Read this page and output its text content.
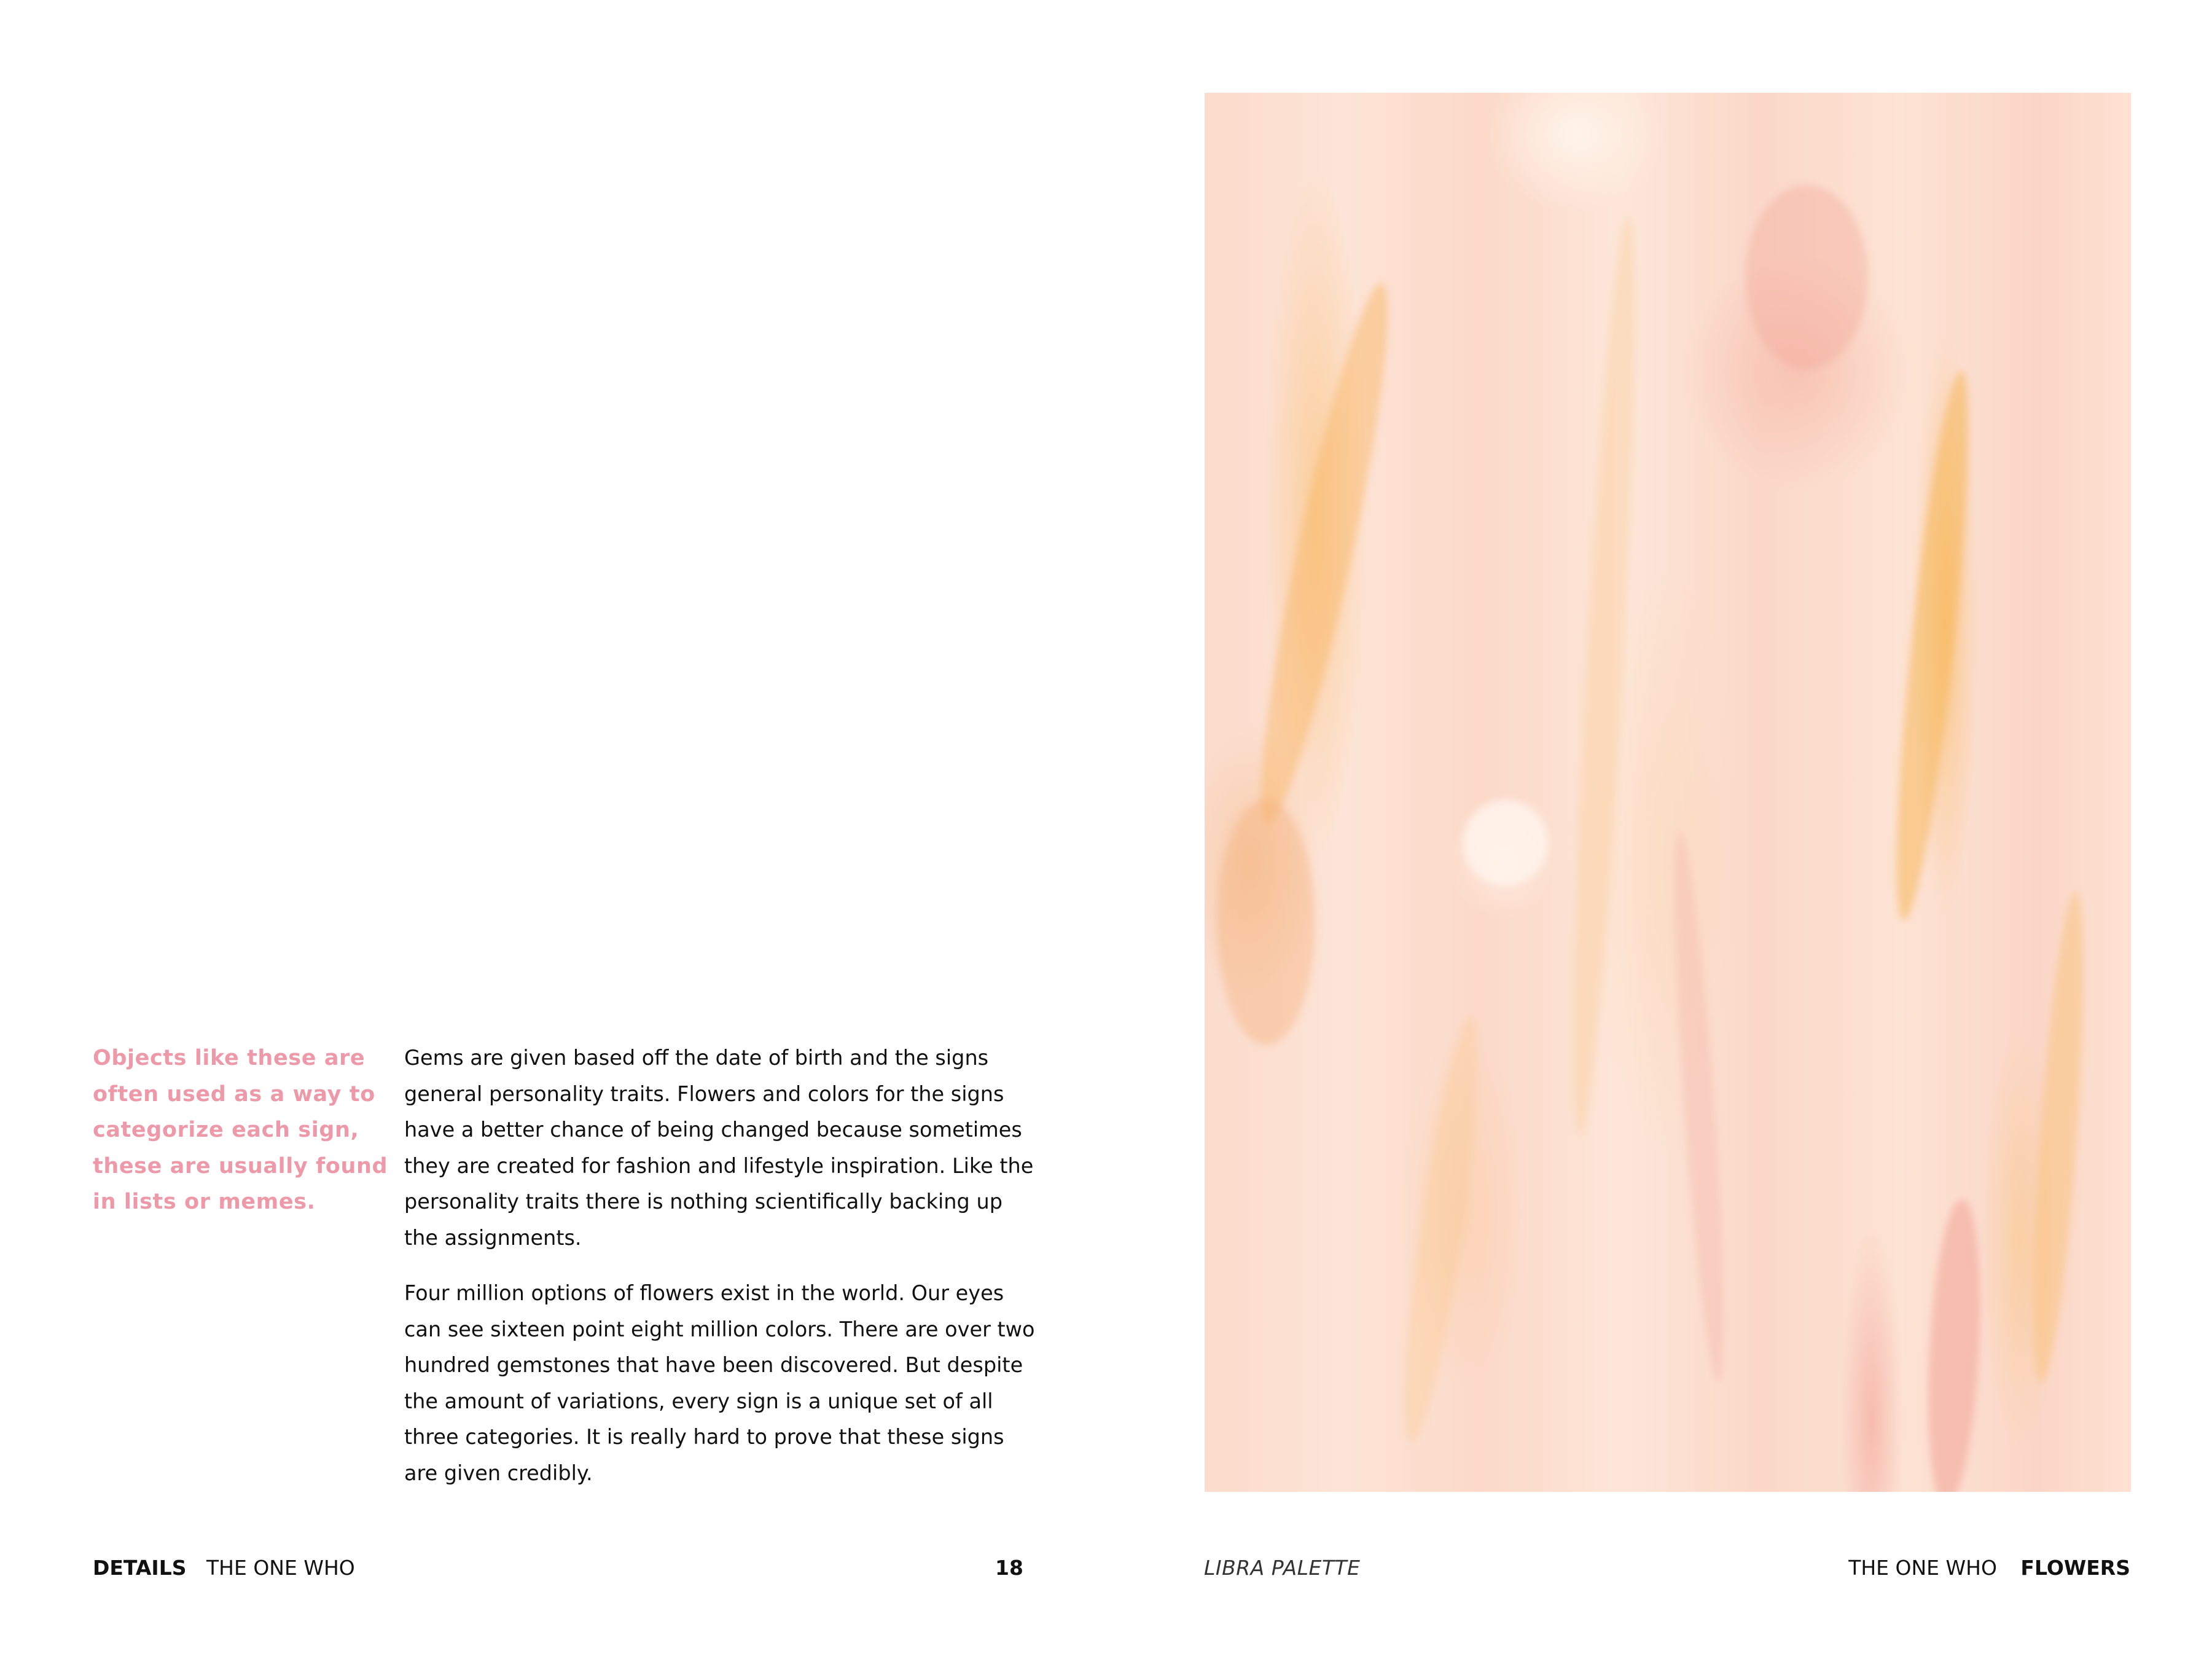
Objects like these are
often used as a way to
categorize each sign,
these are usually found
in lists or memes.

Gems are given based off the date of birth and the signs
general personality traits. Flowers and colors for the signs
have a better chance of being changed because sometimes
they are created for fashion and lifestyle inspiration. Like the
personality traits there is nothing scientifically backing up
the assignments.

Four million options of flowers exist in the world. Our eyes
can see sixteen point eight million colors. There are over two
hundred gemstones that have been discovered. But despite
the amount of variations, every sign is a unique set of all
three categories. It is really hard to prove that these signs
are given credibly.

DETAILS THE ONE WHO	18	LIBRA PALETTE	THE ONE WHO FLOWERS
